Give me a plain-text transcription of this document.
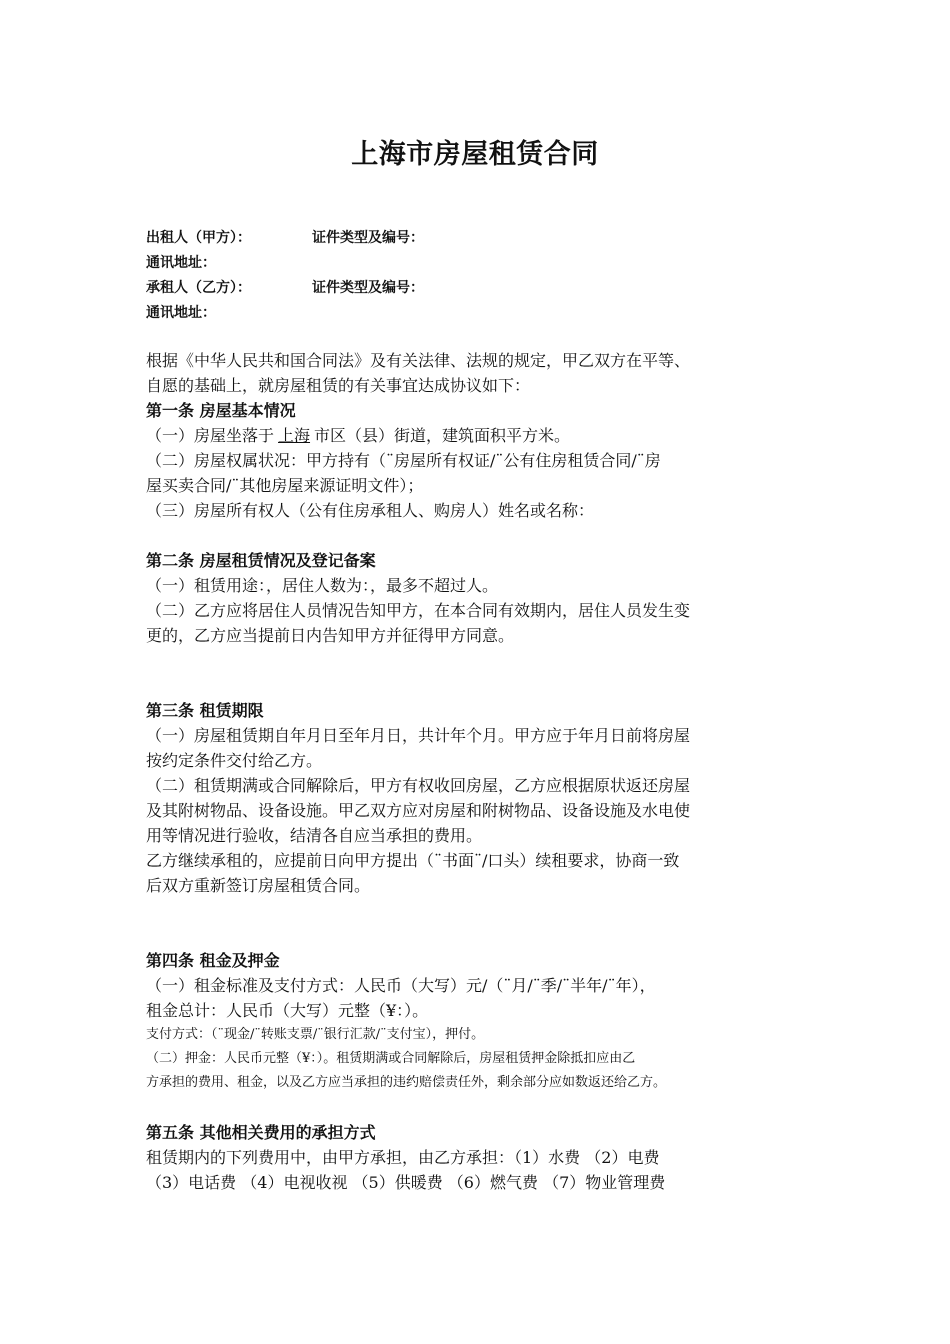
上海市房屋租赁合同
出租人（甲方）：	证件类型及编号：
通讯地址：
承租人（乙方）：	证件类型及编号：
通讯地址：

根据《中华人民共和国合同法》及有关法律、法规的规定，甲乙双方在平等、

自愿的基础上，就房屋租赁的有关事宜达成协议如下：

第一条 房屋基本情况

（一）房屋坐落于 上海 市区（县）街道，建筑面积平方米。

（二）房屋权属状况：甲方持有（¨房屋所有权证/¨公有住房租赁合同/¨房

屋买卖合同/¨其他房屋来源证明文件）；

（三）房屋所有权人（公有住房承租人、购房人）姓名或名称：

第二条 房屋租赁情况及登记备案

（一）租赁用途：，居住人数为：，最多不超过人。

（二）乙方应将居住人员情况告知甲方，在本合同有效期内，居住人员发生变

更的，乙方应当提前日内告知甲方并征得甲方同意。

第三条 租赁期限

（一）房屋租赁期自年月日至年月日，共计年个月。甲方应于年月日前将房屋

按约定条件交付给乙方。

（二）租赁期满或合同解除后，甲方有权收回房屋，乙方应根据原状返还房屋

及其附树物品、设备设施。甲乙双方应对房屋和附树物品、设备设施及水电使

用等情况进行验收，结清各自应当承担的费用。

乙方继续承租的，应提前日向甲方提出（¨书面¨/口头）续租要求，协商一致

后双方重新签订房屋租赁合同。

第四条 租金及押金

（一）租金标准及支付方式：人民币（大写）元/（¨月/¨季/¨半年/¨年），

租金总计：人民币（大写）元整（¥：）。

支付方式：（¨现金/¨转账支票/¨银行汇款/¨支付宝），押付。

（二）押金：人民币元整（¥：）。租赁期满或合同解除后，房屋租赁押金除抵扣应由乙

方承担的费用、租金，以及乙方应当承担的违约赔偿责任外，剩余部分应如数返还给乙方。

第五条 其他相关费用的承担方式

租赁期内的下列费用中，由甲方承担，由乙方承担：（1）水费 （2）电费

（3）电话费 （4）电视收视 （5）供暖费 （6）燃气费 （7）物业管理费
